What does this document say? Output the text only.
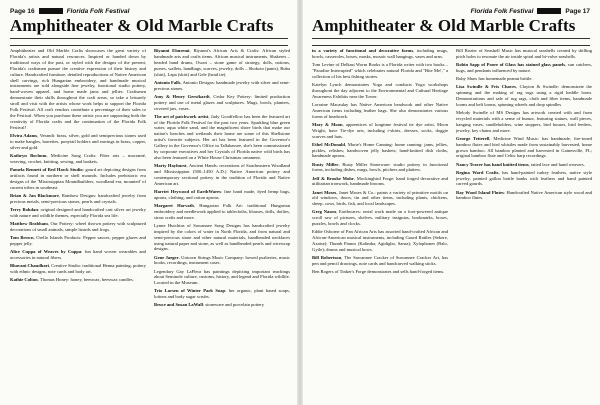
Page 16	Florida Folk Festival
Amphitheater & Old Marble Crafts

Amphitheater and Old Marble Crafts showcases the great variety of Florida's artists and natural resources. Inspired or handed down by traditional ways of the past, or styled with the designs of the present, Florida's craftsmen pursue the creative expression of their history and culture. Handcrafted furniture, detailed reproductions of Native American shell carvings, rich Hungarian embroidery, and handmade musical instruments are sold alongside fine jewelry, functional studio pottery, hand-woven apparel, and home made jams and jellies. Craftsmen demonstrate their skills throughout the craft areas, so take a leisurely stroll and visit with the artists whose work helps to support the Florida Folk Festival. All craft vendors contribute a percentage of their sales to the Festival. When you purchase these artists you are supporting both the creativity of Florida crafts and the continuation of the Florida Folk Festival!

Elvira Adams, Verandi: brass, silver, gold and semiprecious stones used to make bangles, barrettes, ponytail holders and earrings in brass, copper, silver and gold.

Kathryn Bochum, Medicine Song Crafts: Fiber arts – macramé, weaving, crochet, knitting, sewing, and baskets.

Pamela Bennett of Red Hawk Studio: gourd art depicting designs from artifacts found in northern or shell mounds. Includes prehistoric era designs of the 'Mississippian Moundbuilders, woodland era, mounted' of current tribes in southeast.

Brian & Jan Blackmore, Rainbow Designs: handcrafted jewelry from precious metals, semi-precious stones, pearls and crystals.

Terry Bohdan: original designed and handcrafted cast silver art jewelry with nature and wildlife themes, especially Florida sea life.

Matthew Brabham, Our Pottery: wheel thrown pottery with sculptured decorations of small animals, simple lizards and frogs.

Tom Brown, Orello Islands Products: Pepper sauces, pepper glazes and pepper jelly.

Alice Cuppa of Weaves by Cuppa: fun hand woven wearables and accessories in natural fibers.

Bhavani Chaudhari, Creative Studio: traditional Henna painting, pottery with ethnic designs, note cards and body art.

Kathie Colton, Thomas Honey: honey, beeswax, beeswax candles.

Biyanni Ehuremi, Biyanni's African Arts & Crafts: African styled handmade arts and crafts items. African musical instruments. Shakeres – beaded hand drums, Owari – stone game of strategy, dolls, notions, purses, wallets, handbags, scarves, jewelry, dolls – Shokoto (pants), Buba (shirt), Lapa (skirt) and Gele (head tie).

Antonio Falls, Antonio Designs: handmade jewelry with silver and semi-precious stones.

Amy & Henry Gerstkardt, Cedar Key Pottery: limited production pottery and use of metal glazes and sculptures. Mugs, bowls, planters, covered jars, vases.

The art of patchwork artist, Judy Goodfellow has been the featured art of the Florida Folk Festival for the past two years. Sparkling blue green water, aqua white sand, and the magnificent shore birds that make our nation's beaches and wetlands their home are some of this Shellstone artist's favorite subjects. Her art has been featured in the Governor's Gallery in the Governor's Office in Tallahassee, she's been commissioned by corporate executives and her Crystals of Florida native wild birds has also been featured on a White House Christmas ornament.

Marty Hayhurst, Ancient Hands: recreations of Southeastern Woodland and Mississippian (500–1450 A.D.) Native American pottery and contemporary sectional pottery in the tradition of Florida and Native American art.

Harriet Heywood of EarthWares: fine hand made, dyed hemp bags, aprons, clothing, and cotton aprons.

Margaret Horvath, Hungarian Folk Art: traditional Hungarian embroidery and needlework applied to tablecloths, blouses, dolls, doilies, straw crafts and more.

Lynne Hutchins of Sawannee Song Designs has handcrafted jewelry inspired by the colors of water in North Florida, and from natural and semi-precious stone and other natural materials, handbeaded necklaces using natural paper and stone, as well as handbeaded pearls and wirewrap designs.

Gene Jaeger, Unicorn Strings Music Company: bowed psalteries, music books, recordings, instrument cases.

Legendary Gay LaFleur has paintings depicting important teachings about Seminole culture, customs, history, and legend and Florida wildlife. Located in the Museum.

Trio Larsen of Winter Park Soap: her organic, plant based soaps, lotions and body sugar scrubs.

Bruce and Susan LaWall: stoneware and porcelain pottery

Florida Folk Festival	Page 17
Amphitheater & Old Marble Crafts

in a variety of functional and decorative forms, including mugs, bowls, casseroles, boxes, masks, mosaic wall hangings, vases and urns.

Tom Levine of Delkast Worm Books is a Florida writer with two books – "Paradise Interrupted" which celebrates natural Florida and "Bite Me!," a collection of his best fishing stories.

Katelyn Lynch demonstrates Yoga and conducts Yoga workshops throughout the day adjacent to the Environmental and Cultural Heritage Awareness Exhibits near the Tower.

Lorraine Macaulay has Native American beadwork and other Native American items including leather bags. She also demonstrates various forms of beadwork.

Mary & Moon, apprentices of longtime festival tie dye artist, Moon Wright, have Tie-dye arts, including t-shirts, dresses, socks, doggie scarves and hats.

Ethel McDonald, Marie's Home Canning: home canning: jams, jellies, pickles, relishes; handwoven jelly baskets; hand-knitted dish cloths, handmade aprons.

Rusty Miller, Rusty Miller Stoneware: studio pottery in functional forms, including dishes, mugs, bowls, pitchers and platters.

Jeff & Brooke Mohr, Mockingbird Forge: hand forged decorative and utilitarian ironwork, handmade brooms.

Janet Moses, Janet Moses & Co.: paints a variety of primitive motifs on old windows, doors, tin and other items, including plants, chickens, sheep, cows, birds, fish, and local landscapes.

Greg Nason, Earthwares: serial work made on a foot-powered antique scroll saw of pictures, shelves, military insignias, bookmarks, boxes, puzzles, bowls and clocks.

Eddie Osborne of Pan African Arts has assorted hand-crafted African and African-American musical instruments, including Gourd Rattles (Sekere, Axatse); Thumb Pianos (Kalimba, Agidigbo, Sansa); Xylophones (Balo, Gyile); drums and musical bows.

Bill Robertson, The Suwannee Cracker of Suwannee Cracker Art, has pen and pencil drawings, note cards and handcarved walking sticks.

Ben Rogers of Tinker's Forge demonstrates and sells hand-forged items.

Bill Rozier of Seashell Music has musical seashells created by drilling pitch holes to resonate the air inside spiral and bi-valve seashells.

Robin Sapp of Poore of Glass has stained glass panels, sun catchers, hugs, and pendants influenced by nature.

Ruby Shaw has homemade peanut brittle.

Lisa Swindle & Fris Chaves, Clayton & Swindle: demonstrate the spinning and the making of rag rugs using a rigid heddle loom. Demonstrations and sale of rug rags, cloth and fiber items, handmade looms and belt looms, spinning wheels and drop spindles.

Melody Swindle of MS Designs has artwork created with and from recycled materials with a sense of humor, featuring statues, wall pieces, hanging vases, candleholders, wine stoppers, bird houses, bird feeders, jewelry, key chains and more.

George Tetterell, Medicine Wind Music: has handmade, fire-toned bamboo flutes and bird whistles made from sustainably harvested, home grown bamboo. All bamboo planted and harvested in Gainesville, FL; original bamboo flute and Celtic harp recordings.

Nancy Traver has hand knitted items, tatted lace and hand weavers.

Regina Ward Crafts, has hand-painted turkey feathers, native style jewelry, painted gallon bottle banks with feathers and hand painted carved gourds.

Ray Wood Island Flutes: Handcrafted Native American style wood and bamboo flutes.
